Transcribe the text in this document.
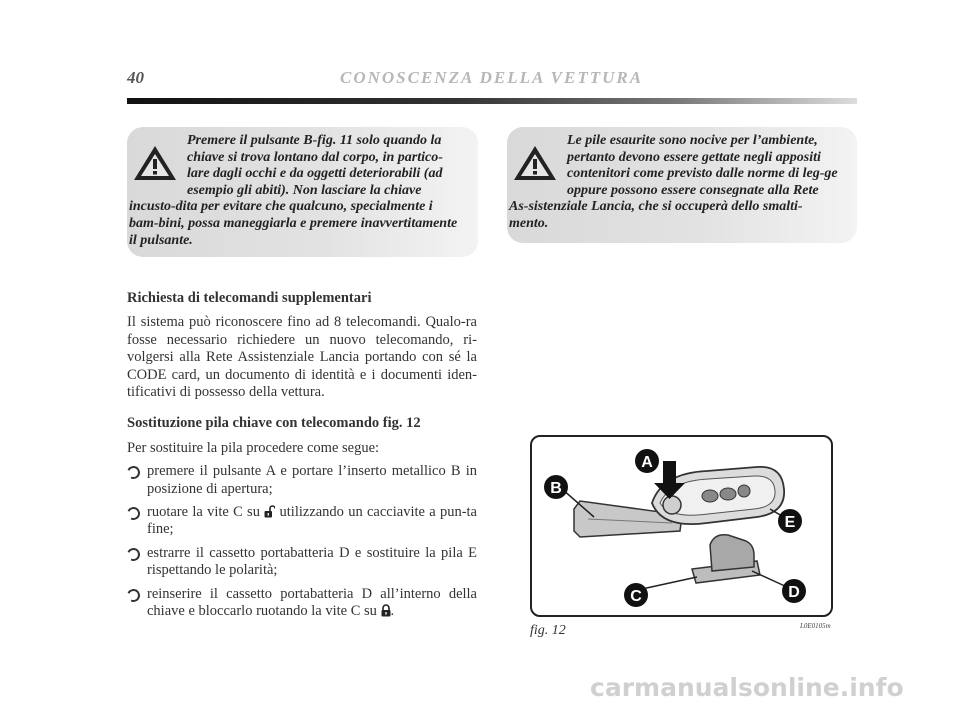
40	CONOSCENZA DELLA VETTURA

Premere il pulsante B-fig. 11 solo quando la chiave si trova lontano dal corpo, in partico-lare dagli occhi e da oggetti deteriorabili (ad esempio gli abiti). Non lasciare la chiave incusto-dita per evitare che qualcuno, specialmente i bam-bini, possa maneggiarla e premere inavvertitamente il pulsante.

Le pile esaurite sono nocive per l’ambiente, pertanto devono essere gettate negli appositi contenitori come previsto dalle norme di leg-ge oppure possono essere consegnate alla Rete As-sistenziale Lancia, che si occuperà dello smalti-mento.

Richiesta di telecomandi supplementari

Il sistema può riconoscere fino ad 8 telecomandi. Qualo-ra fosse necessario richiedere un nuovo telecomando, ri-volgersi alla Rete Assistenziale Lancia portando con sé la CODE card, un documento di identità e i documenti iden-tificativi di possesso della vettura.

Sostituzione pila chiave con telecomando fig. 12

Per sostituire la pila procedere come segue:

premere il pulsante A e portare l’inserto metallico B in posizione di apertura;
ruotare la vite C su  utilizzando un cacciavite a pun-ta fine;
estrarre il cassetto portabatteria D e sostituire la pila E rispettando le polarità;
reinserire il cassetto portabatteria D all’interno della chiave e bloccarlo ruotando la vite C su .
A
B
C	D
E
fig. 12	L0E0105m
carmanualsonline.info
